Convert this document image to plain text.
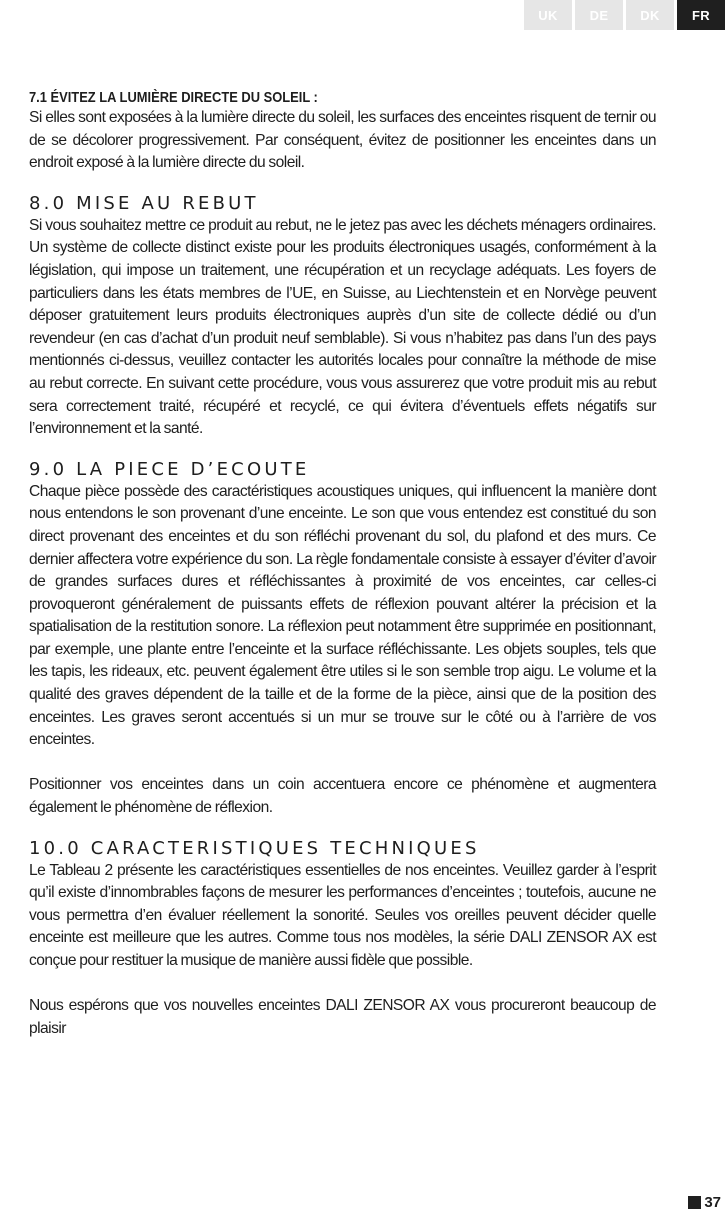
UK	DE	DK	FR
7.1 ÉVITEZ LA LUMIÈRE DIRECTE DU SOLEIL :

Si elles sont exposées à la lumière directe du soleil, les surfaces des enceintes risquent de ternir ou de se décolorer progressivement. Par conséquent, évitez de positionner les enceintes dans un endroit exposé à la lumière directe du soleil.

8.0 MISE AU REBUT

Si vous souhaitez mettre ce produit au rebut, ne le jetez pas avec les déchets ménagers ordinaires. Un système de collecte distinct existe pour les produits électroniques usagés, conformément à la législation, qui impose un traitement, une récupération et un recyclage adéquats. Les foyers de particuliers dans les états membres de l’UE, en Suisse, au Liechtenstein et en Norvège peuvent déposer gratuitement leurs produits électroniques auprès d’un site de collecte dédié ou d’un revendeur (en cas d’achat d’un produit neuf semblable). Si vous n’habitez pas dans l’un des pays mentionnés ci-dessus, veuillez contacter les autorités locales pour connaître la méthode de mise au rebut correcte. En suivant cette procédure, vous vous assurerez que votre produit mis au rebut sera correctement traité, récupéré et recyclé, ce qui évitera d’éventuels effets négatifs sur l’environnement et la santé.

9.0 LA PIECE D’ECOUTE

Chaque pièce possède des caractéristiques acoustiques uniques, qui influencent la manière dont nous entendons le son provenant d’une enceinte. Le son que vous entendez est constitué du son direct provenant des enceintes et du son réfléchi provenant du sol, du plafond et des murs. Ce dernier affectera votre expérience du son. La règle fondamentale consiste à essayer d’éviter d’avoir de grandes surfaces dures et réfléchissantes à proximité de vos enceintes, car celles-ci provoqueront généralement de puissants effets de réflexion pouvant altérer la précision et la spatialisation de la restitution sonore. La réflexion peut notamment être supprimée en positionnant, par exemple, une plante entre l’enceinte et la surface réfléchissante. Les objets souples, tels que les tapis, les rideaux, etc. peuvent également être utiles si le son semble trop aigu. Le volume et la qualité des graves dépendent de la taille et de la forme de la pièce, ainsi que de la position des enceintes. Les graves seront accentués si un mur se trouve sur le côté ou à l’arrière de vos enceintes.

Positionner vos enceintes dans un coin accentuera encore ce phénomène et augmentera également le phénomène de réflexion.

10.0 CARACTERISTIQUES TECHNIQUES

Le Tableau 2 présente les caractéristiques essentielles de nos enceintes. Veuillez garder à l’esprit qu’il existe d’innombrables façons de mesurer les performances d’enceintes ; toutefois, aucune ne vous permettra d’en évaluer réellement la sonorité. Seules vos oreilles peuvent décider quelle enceinte est meilleure que les autres. Comme tous nos modèles, la série DALI ZENSOR AX est conçue pour restituer la musique de manière aussi fidèle que possible.

Nous espérons que vos nouvelles enceintes DALI ZENSOR AX vous procureront beaucoup de plaisir

37
